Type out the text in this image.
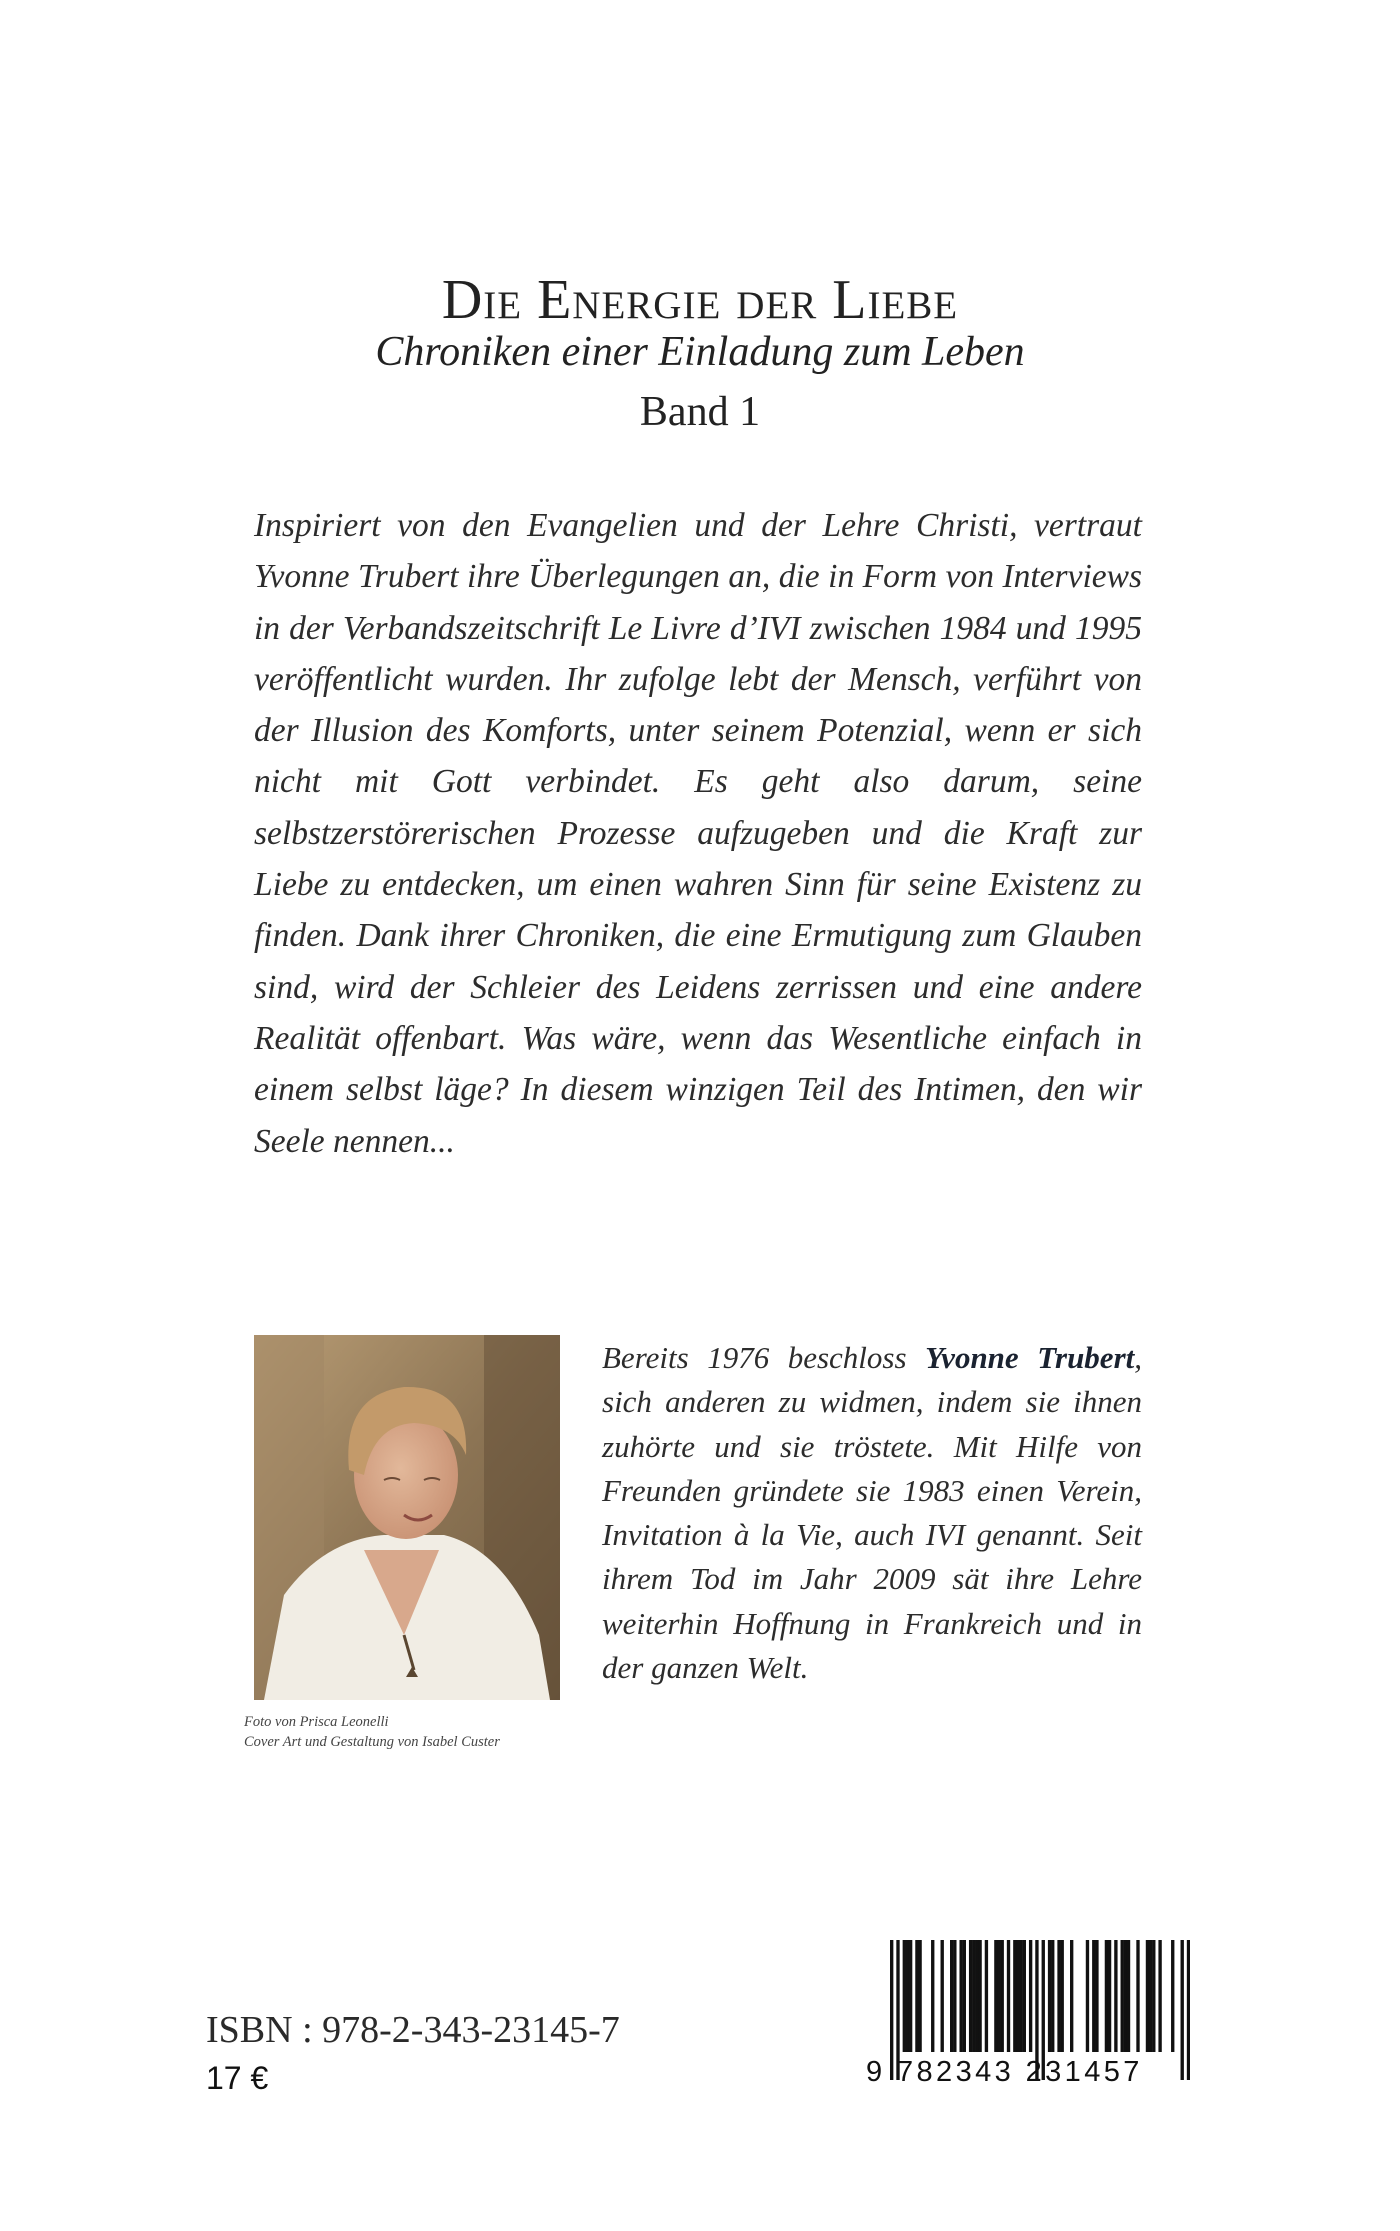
Die Energie der Liebe
Chroniken einer Einladung zum Leben
Band 1
Inspiriert von den Evangelien und der Lehre Christi, vertraut Yvonne Trubert ihre Überlegungen an, die in Form von Interviews in der Verbandszeitschrift Le Livre d’IVI zwischen 1984 und 1995 veröffentlicht wurden. Ihr zufolge lebt der Mensch, verführt von der Illusion des Komforts, unter seinem Potenzial, wenn er sich nicht mit Gott verbindet. Es geht also darum, seine selbstzerstörerischen Prozesse aufzugeben und die Kraft zur Liebe zu entdecken, um einen wahren Sinn für seine Existenz zu finden. Dank ihrer Chroniken, die eine Ermutigung zum Glauben sind, wird der Schleier des Leidens zerrissen und eine andere Realität offenbart. Was wäre, wenn das Wesentliche einfach in einem selbst läge? In diesem winzigen Teil des Intimen, den wir Seele nennen...
Foto von Prisca Leonelli
Cover Art und Gestaltung von Isabel Custer
Bereits 1976 beschloss Yvonne Trubert, sich anderen zu widmen, indem sie ihnen zuhörte und sie tröstete. Mit Hilfe von Freunden gründete sie 1983 einen Verein, Invitation à la Vie, auch IVI genannt. Seit ihrem Tod im Jahr 2009 sät ihre Lehre weiterhin Hoffnung in Frankreich und in der ganzen Welt.
ISBN : 978-2-343-23145-7
17 €	9 782343 231457
